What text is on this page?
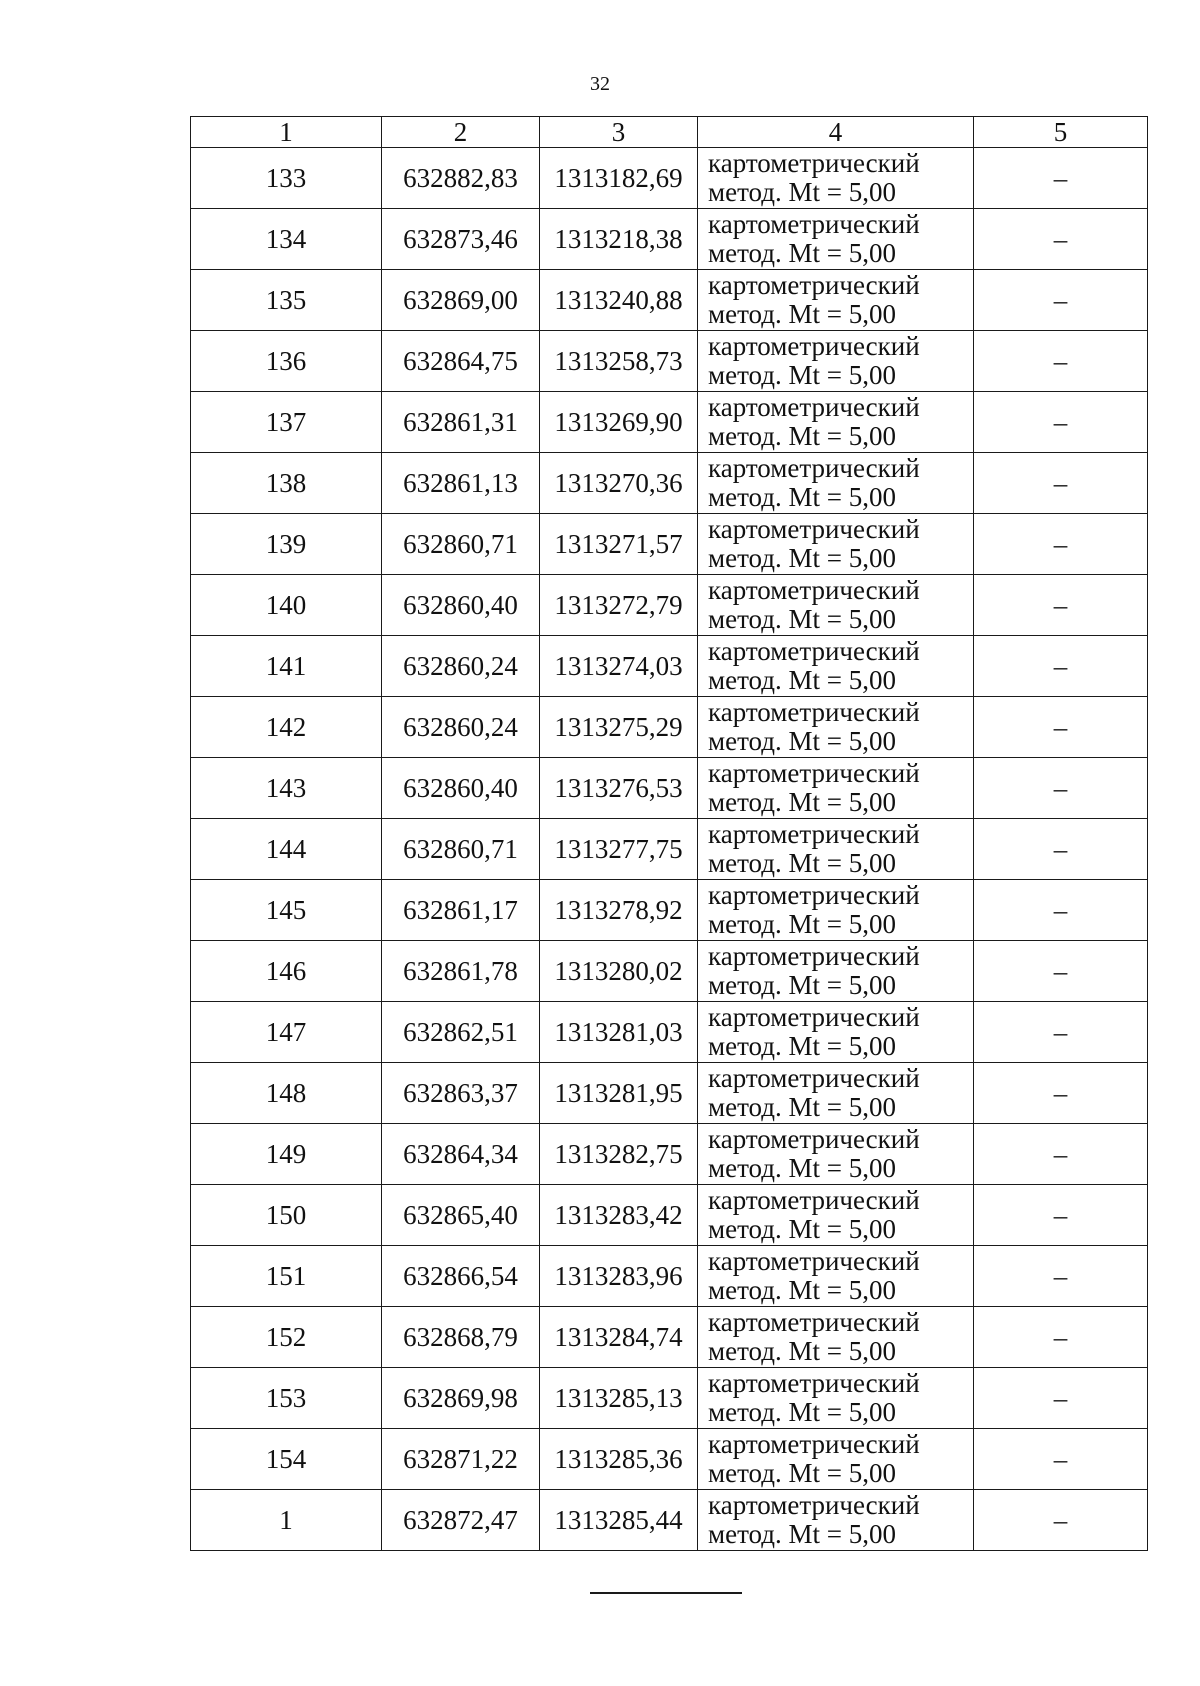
32
1	2	3	4	5
133	632882,83	1313182,69	картометрический
метод. Mt = 5,00	–
134	632873,46	1313218,38	картометрический
метод. Mt = 5,00	–
135	632869,00	1313240,88	картометрический
метод. Mt = 5,00	–
136	632864,75	1313258,73	картометрический
метод. Mt = 5,00	–
137	632861,31	1313269,90	картометрический
метод. Mt = 5,00	–
138	632861,13	1313270,36	картометрический
метод. Mt = 5,00	–
139	632860,71	1313271,57	картометрический
метод. Mt = 5,00	–
140	632860,40	1313272,79	картометрический
метод. Mt = 5,00	–
141	632860,24	1313274,03	картометрический
метод. Mt = 5,00	–
142	632860,24	1313275,29	картометрический
метод. Mt = 5,00	–
143	632860,40	1313276,53	картометрический
метод. Mt = 5,00	–
144	632860,71	1313277,75	картометрический
метод. Mt = 5,00	–
145	632861,17	1313278,92	картометрический
метод. Mt = 5,00	–
146	632861,78	1313280,02	картометрический
метод. Mt = 5,00	–
147	632862,51	1313281,03	картометрический
метод. Mt = 5,00	–
148	632863,37	1313281,95	картометрический
метод. Mt = 5,00	–
149	632864,34	1313282,75	картометрический
метод. Mt = 5,00	–
150	632865,40	1313283,42	картометрический
метод. Mt = 5,00	–
151	632866,54	1313283,96	картометрический
метод. Mt = 5,00	–
152	632868,79	1313284,74	картометрический
метод. Mt = 5,00	–
153	632869,98	1313285,13	картометрический
метод. Mt = 5,00	–
154	632871,22	1313285,36	картометрический
метод. Mt = 5,00	–
1	632872,47	1313285,44	картометрический
метод. Mt = 5,00	–
